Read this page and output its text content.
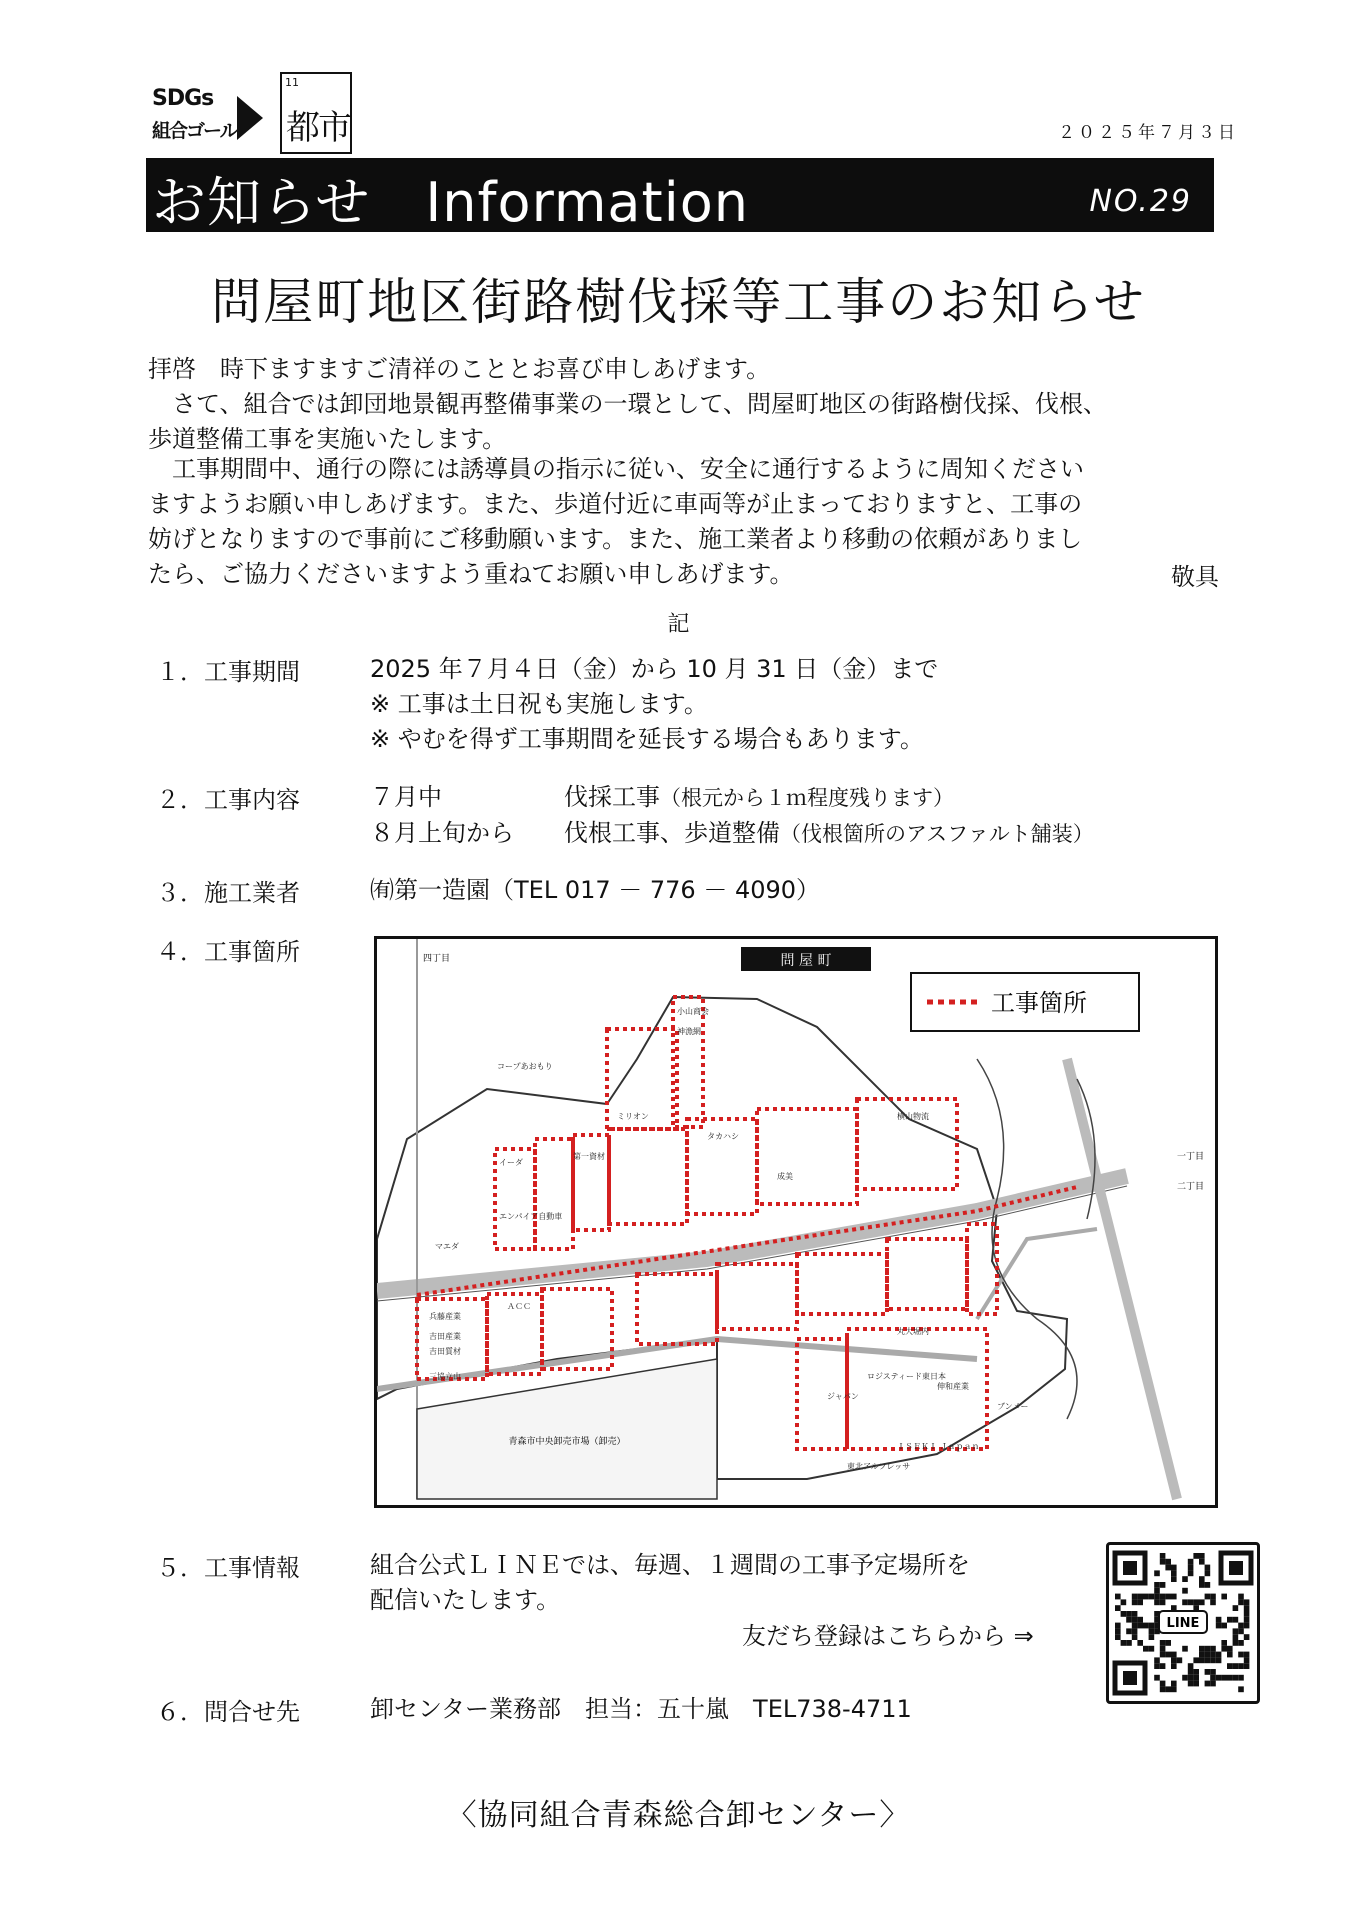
SDGs
組合ゴール
11
都市	２０２５年７月３日
お知らせ　Information	NO.29
問屋町地区街路樹伐採等工事のお知らせ
拝啓　時下ますますご清祥のこととお喜び申しあげます。
　さて、組合では卸団地景観再整備事業の一環として、問屋町地区の街路樹伐採、伐根、
歩道整備工事を実施いたします。
　工事期間中、通行の際には誘導員の指示に従い、安全に通行するように周知ください
ますようお願い申しあげます。また、歩道付近に車両等が止まっておりますと、工事の
妨げとなりますので事前にご移動願います。また、施工業者より移動の依頼がありまし
たら、ご協力くださいますよう重ねてお願い申しあげます。	敬具
記
１．工事期間	2025 年７月４日（金）から 10 月 31 日（金）まで
※ 工事は土日祝も実施します。
※ やむを得ず工事期間を延長する場合もあります。
２．工事内容	７月中	伐採工事（根元から１ｍ程度残ります）
８月上旬から 伐根工事、歩道整備（伐根箇所のアスファルト舗装）
３．施工業者	㈲第一造園（TEL 017 － 776 － 4090）
４．工事箇所
青森市中央卸売市場（卸売）
問 屋 町
工事箇所
四丁目
一丁目
二丁目
コープあおもり
マエダ
ミリオン
タカハシ
イーダ
丸大堀内
ロジスティード東日本
ジャパン
兵藤産業
吉田産業
吉田質材
ＡＣＣ
伸和産業
ブンメー
ＩＳＥＫＩ Ｊａｐａｎ
東北アルフレッサ
神漁網
小山商会
横山物流
成美
エンパイア自動車
第一資材
三協立山
５．工事情報	組合公式ＬＩＮＥでは、毎週、１週間の工事予定場所を
配信いたします。
友だち登録はこちらから ⇒	LINE
６．問合せ先	卸センター業務部　担当：五十嵐　TEL738-4711
〈協同組合青森総合卸センター〉
